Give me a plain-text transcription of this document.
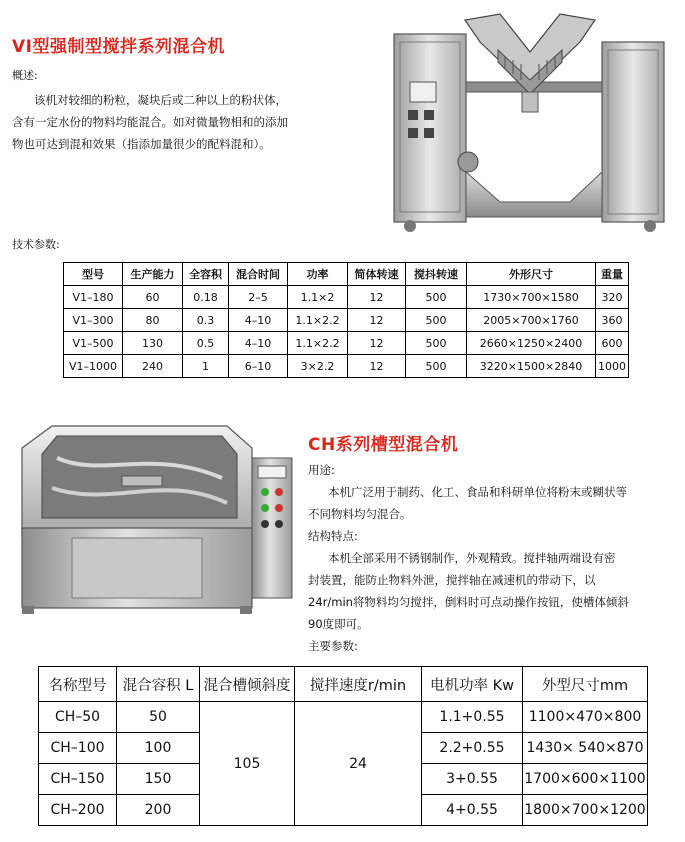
VI型强制型搅拌系列混合机
概述:
该机对较细的粉粒，凝块后或二种以上的粉状体，
含有一定水份的物料均能混合。如对微量物相和的添加
物也可达到混和效果（指添加量很少的配料混和）。
技术参数:
型号	生产能力	全容积	混合时间	功率	简体转速	搅抖转速	外形尺寸	重量
V1–180	60	0.18	2–5	1.1×2	12	500	1730×700×1580	320
V1–300	80	0.3	4–10	1.1×2.2	12	500	2005×700×1760	360
V1–500	130	0.5	4–10	1.1×2.2	12	500	2660×1250×2400	600
V1–1000	240	1	6–10	3×2.2	12	500	3220×1500×2840	1000
CH系列槽型混合机
用途:
本机广泛用于制药、化工、食品和科研单位将粉末或糊状等
不同物料均匀混合。
结构特点:
本机全部采用不锈钢制作，外观精致。搅拌轴两端设有密
封装置，能防止物料外泄，搅拌轴在减速机的带动下，以
24r/min将物料均匀搅拌，倒料时可点动操作按钮，使槽体倾斜
90度即可。
主要参数:
名称型号	混合容积 L	混合槽倾斜度	搅拌速度r/min	电机功率 Kw	外型尺寸mm
CH–50	50	105	24	1.1+0.55	1100×470×800
CH–100	100			2.2+0.55	1430× 540×870
CH–150	150			3+0.55	1700×600×1100
CH–200	200			4+0.55	1800×700×1200
